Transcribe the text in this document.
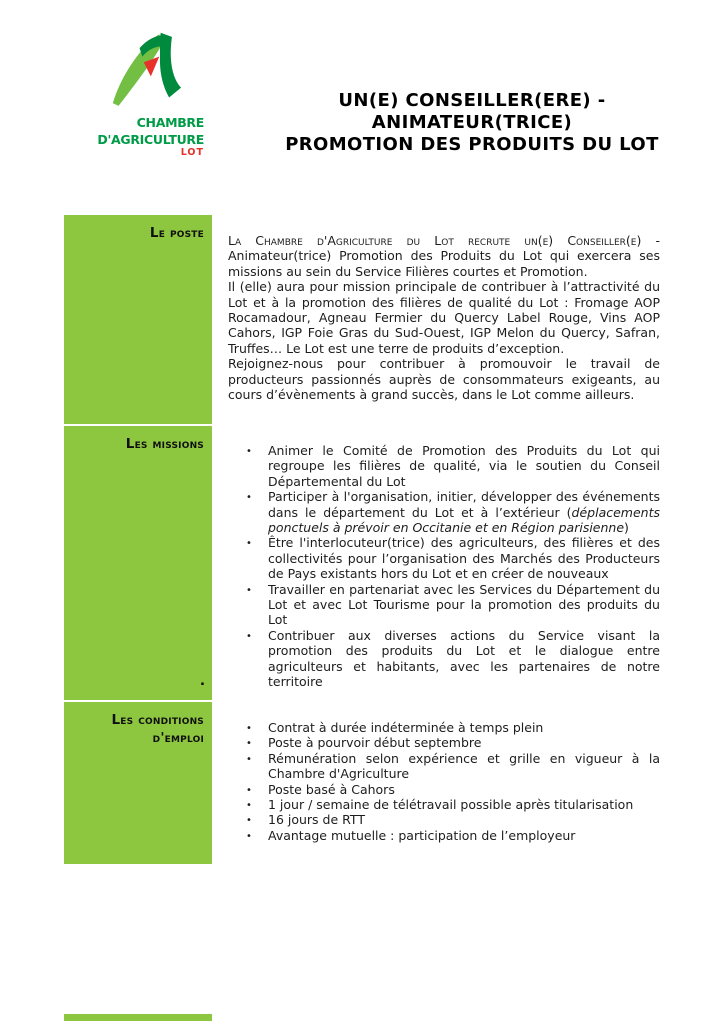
CHAMBRE
D'AGRICULTURE
LOT
UN(E) CONSEILLER(ERE) -
ANIMATEUR(TRICE)
PROMOTION DES PRODUITS DU LOT
Le poste
Les missions
Les conditions
d'emploi

La Chambre d'Agriculture du Lot recrute un(e) Conseiller(e) - Animateur(trice) Promotion des Produits du Lot qui exercera ses missions au sein du Service Filières courtes et Promotion.

Il (elle) aura pour mission principale de contribuer à l’attractivité du Lot et à la promotion des filières de qualité du Lot : Fromage AOP Rocamadour, Agneau Fermier du Quercy Label Rouge, Vins AOP Cahors, IGP Foie Gras du Sud-Ouest, IGP Melon du Quercy, Safran, Truffes… Le Lot est une terre de produits d’exception.

Rejoignez-nous pour contribuer à promouvoir le travail de producteurs passionnés auprès de consommateurs exigeants, au cours d’évènements à grand succès, dans le Lot comme ailleurs.

•
Animer le Comité de Promotion des Produits du Lot qui regroupe les filières de qualité, via le soutien du Conseil Départemental du Lot
•
Participer à l'organisation, initier, développer des événements dans le département du Lot et à l’extérieur (déplacements ponctuels à prévoir en Occitanie et en Région parisienne)
•
Être l'interlocuteur(trice) des agriculteurs, des filières et des collectivités pour l’organisation des Marchés des Producteurs de Pays existants hors du Lot et en créer de nouveaux
•
Travailler en partenariat avec les Services du Département du Lot et avec Lot Tourisme pour la promotion des produits du Lot
•
Contribuer aux diverses actions du Service visant la promotion des produits du Lot et le dialogue entre agriculteurs et habitants, avec les partenaires de notre territoire
.
•
Contrat à durée indéterminée à temps plein
•
Poste à pourvoir début septembre
•
Rémunération selon expérience et grille en vigueur à la Chambre d'Agriculture
•
Poste basé à Cahors
•
1 jour / semaine de télétravail possible après titularisation
•
16 jours de RTT
•
Avantage mutuelle : participation de l’employeur
